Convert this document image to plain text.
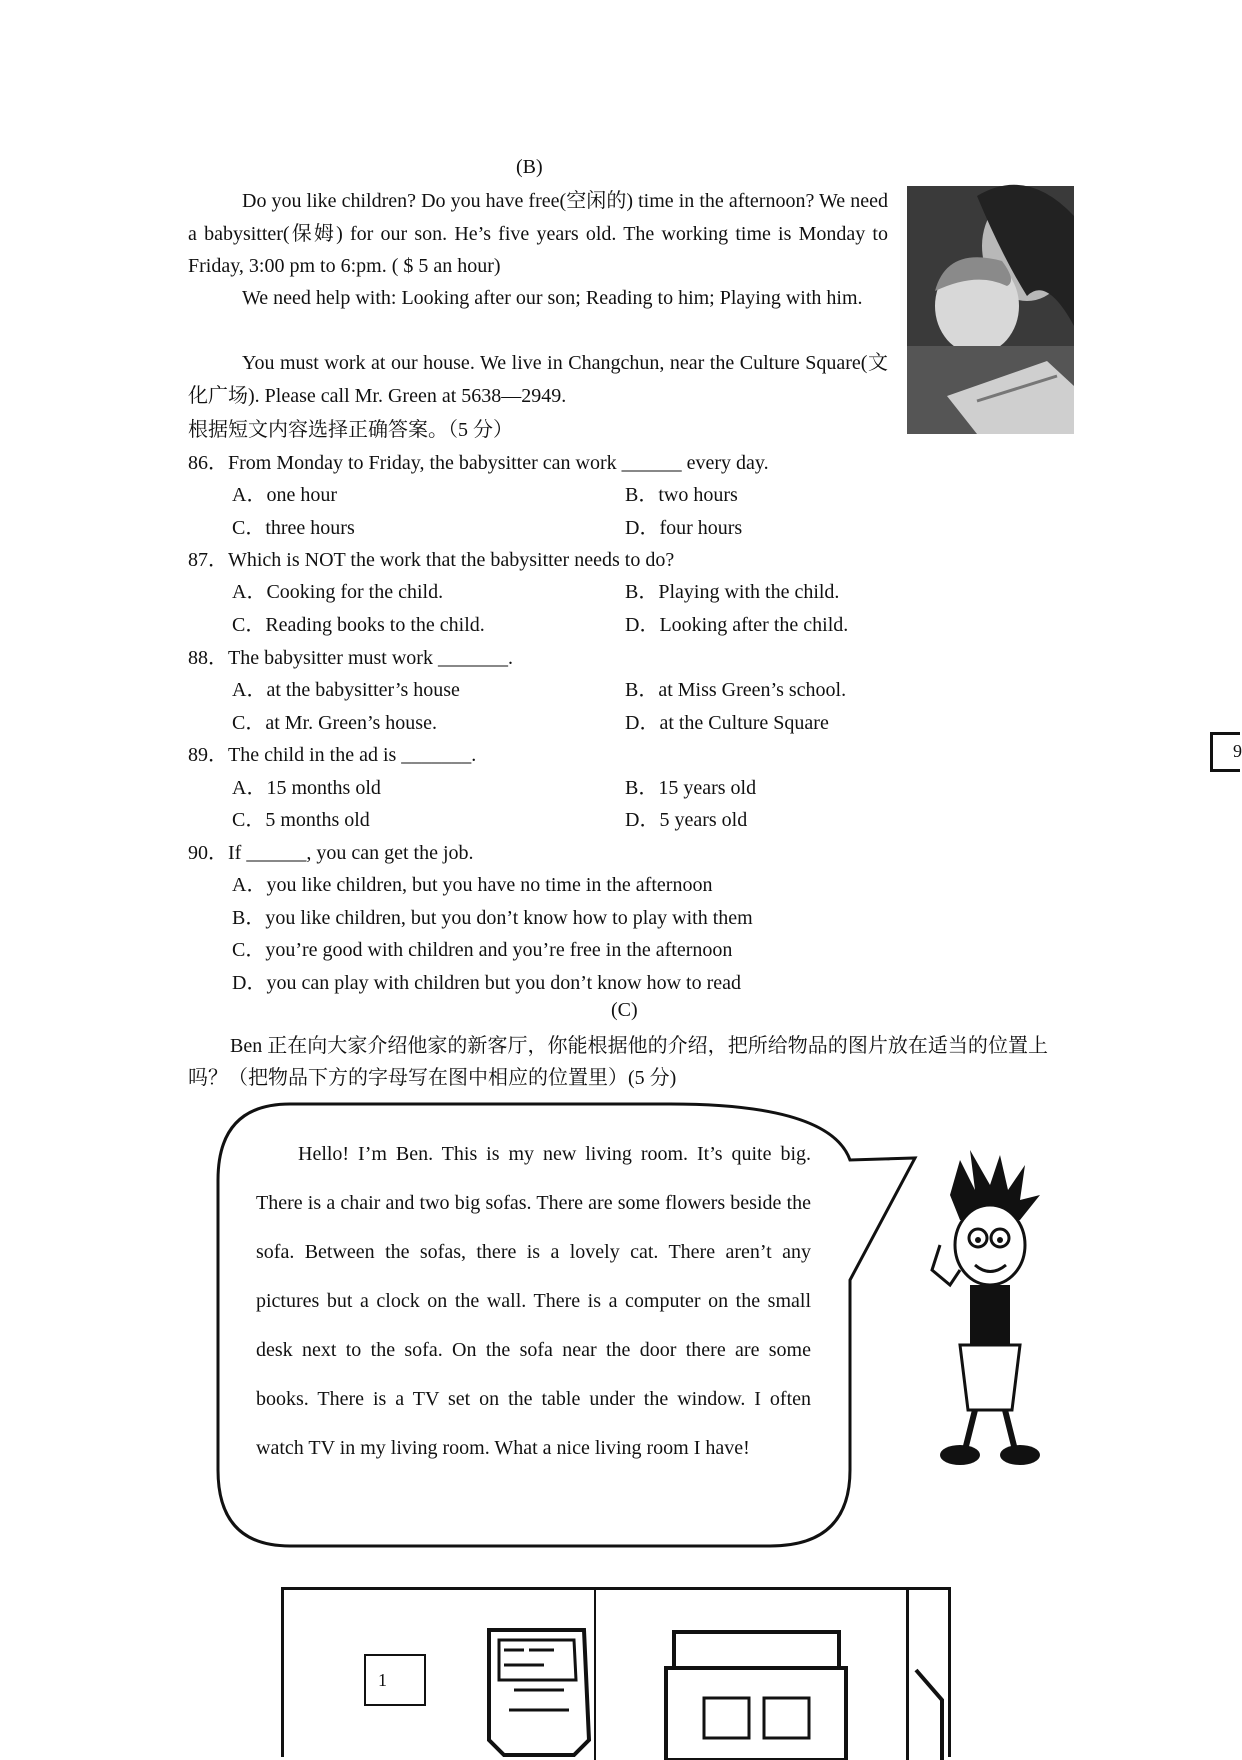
(B)
Do you like children? Do you have free(空闲的) time in the afternoon? We need a babysitter(保姆) for our son. He’s five years old. The working time is Monday to Friday, 3:00 pm to 6:pm. ( $ 5 an hour)
We need help with: Looking after our son; Reading to him; Playing with him.
You must work at our house. We live in Changchun, near the Culture Square(文化广场). Please call Mr. Green at 5638—2949.
根据短文内容选择正确答案。（5 分）
86．From Monday to Friday, the babysitter can work ______ every day.
A．one hour	B．two hours
C．three hours	D．four hours
87．Which is NOT the work that the babysitter needs to do?
A．Cooking for the child.	B．Playing with the child.
C．Reading books to the child.	D．Looking after the child.
88．The babysitter must work _______.
A．at the babysitter’s house	B．at Miss Green’s school.
C．at Mr. Green’s house.	D．at the Culture Square
89．The child in the ad is _______.
A．15 months old	B．15 years old
C．5 months old	D．5 years old
90．If ______, you can get the job.
A．you like children, but you have no time in the afternoon
B．you like children, but you don’t know how to play with them
C．you’re good with children and you’re free in the afternoon
D．you can play with children but you don’t know how to read
(C)
Ben 正在向大家介绍他家的新客厅，你能根据他的介绍，把所给物品的图片放在适当的位置上吗？（把物品下方的字母写在图中相应的位置里）(5 分)
Hello! I’m Ben. This is my new living room. It’s quite big. There is a chair and two big sofas. There are some flowers beside the sofa. Between the sofas, there is a lovely cat. There aren’t any pictures but a clock on the wall. There is a computer on the small desk next to the sofa. On the sofa near the door there are some books. There is a TV set on the table under the window. I often watch TV in my living room. What a nice living room I have!
1
9
